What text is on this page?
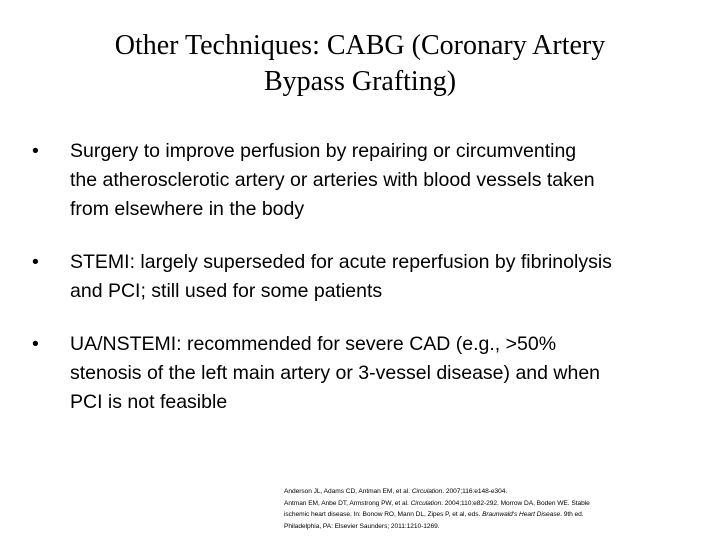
Other Techniques: CABG (Coronary Artery
Bypass Grafting)
•	Surgery to improve perfusion by repairing or circumventing
the atherosclerotic artery or arteries with blood vessels taken
from elsewhere in the body
•	STEMI: largely superseded for acute reperfusion by fibrinolysis
and PCI; still used for some patients
•	UA/NSTEMI: recommended for severe CAD (e.g., >50%
stenosis of the left main artery or 3-vessel disease) and when
PCI is not feasible
Anderson JL, Adams CD, Antman EM, et al. Circulation. 2007;116:e148-e304.
Antman EM, Anbe DT, Armstrong PW, et al. Circulation. 2004;110:e82-292. Morrow DA, Boden WE. Stable
ischemic heart disease. In: Bonow RO, Mann DL, Zipes P, et al, eds. Braunwald's Heart Disease. 9th ed.
Philadelphia, PA: Elsevier Saunders; 2011:1210-1269.
